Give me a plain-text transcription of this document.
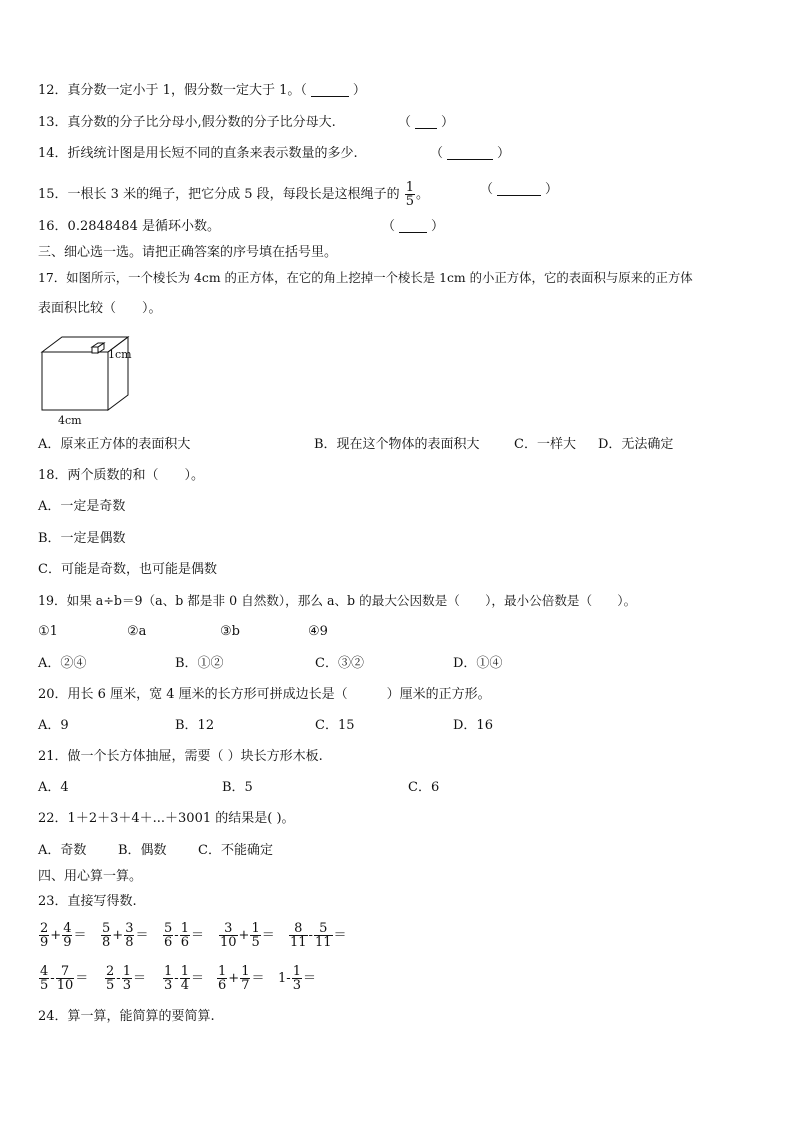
12．真分数一定小于 1，假分数一定大于 1。（	）
13．真分数的分子比分母小,假分数的分子比分母大.	（ ）
14．折线统计图是用长短不同的直条来表示数量的多少.	（	）
15．一根长 3 米的绳子，把它分成 5 段，每段长是这根绳子的 $\frac{1}{5}$ 。	（	）
16．0.2848484 是循环小数。	（	）
三、细心选一选。请把正确答案的序号填在括号里。
17．如图所示，一个棱长为 4cm 的正方体，在它的角上挖掉一个棱长是 1cm 的小正方体，它的表面积与原来的正方体
表面积比较（　　）。
1cm
4cm
A．原来正方体的表面积大	B．现在这个物体的表面积大	C．一样大 D．无法确定
18．两个质数的和（　　）。
A．一定是奇数
B．一定是偶数
C．可能是奇数，也可能是偶数
19．如果 a÷b＝9（a、b 都是非 0 自然数），那么 a、b 的最大公因数是（　　），最小公倍数是（　　）。
①1	②a	③b	④9
A．②④	B．①②	C．③②	D．①④
20．用长 6 厘米，宽 4 厘米的长方形可拼成边长是（　　　）厘米的正方形。
A．9	B．12	C．15	D．16
21．做一个长方体抽屉，需要（ ）块长方形木板.
A．4	B．5	C．6
22．1＋2＋3＋4＋...＋3001 的结果是( )。
A．奇数 B．偶数 C．不能确定
四、用心算一算。
23．直接写得数.
$\frac{2}{9} + \frac{4}{9} = \frac{5}{8} + \frac{3}{8} = \frac{5}{6} - \frac{1}{6} = \frac{3}{10} + \frac{1}{5} = \frac{8}{11} - \frac{5}{11}$ ＝
$\frac{4}{5} - \frac{7}{10} = \frac{2}{5} - \frac{1}{3} = \frac{1}{3} - \frac{1}{4} = \frac{1}{6} + \frac{1}{7} = 1- \frac{1}{3}$ ＝
24．算一算，能简算的要简算.
